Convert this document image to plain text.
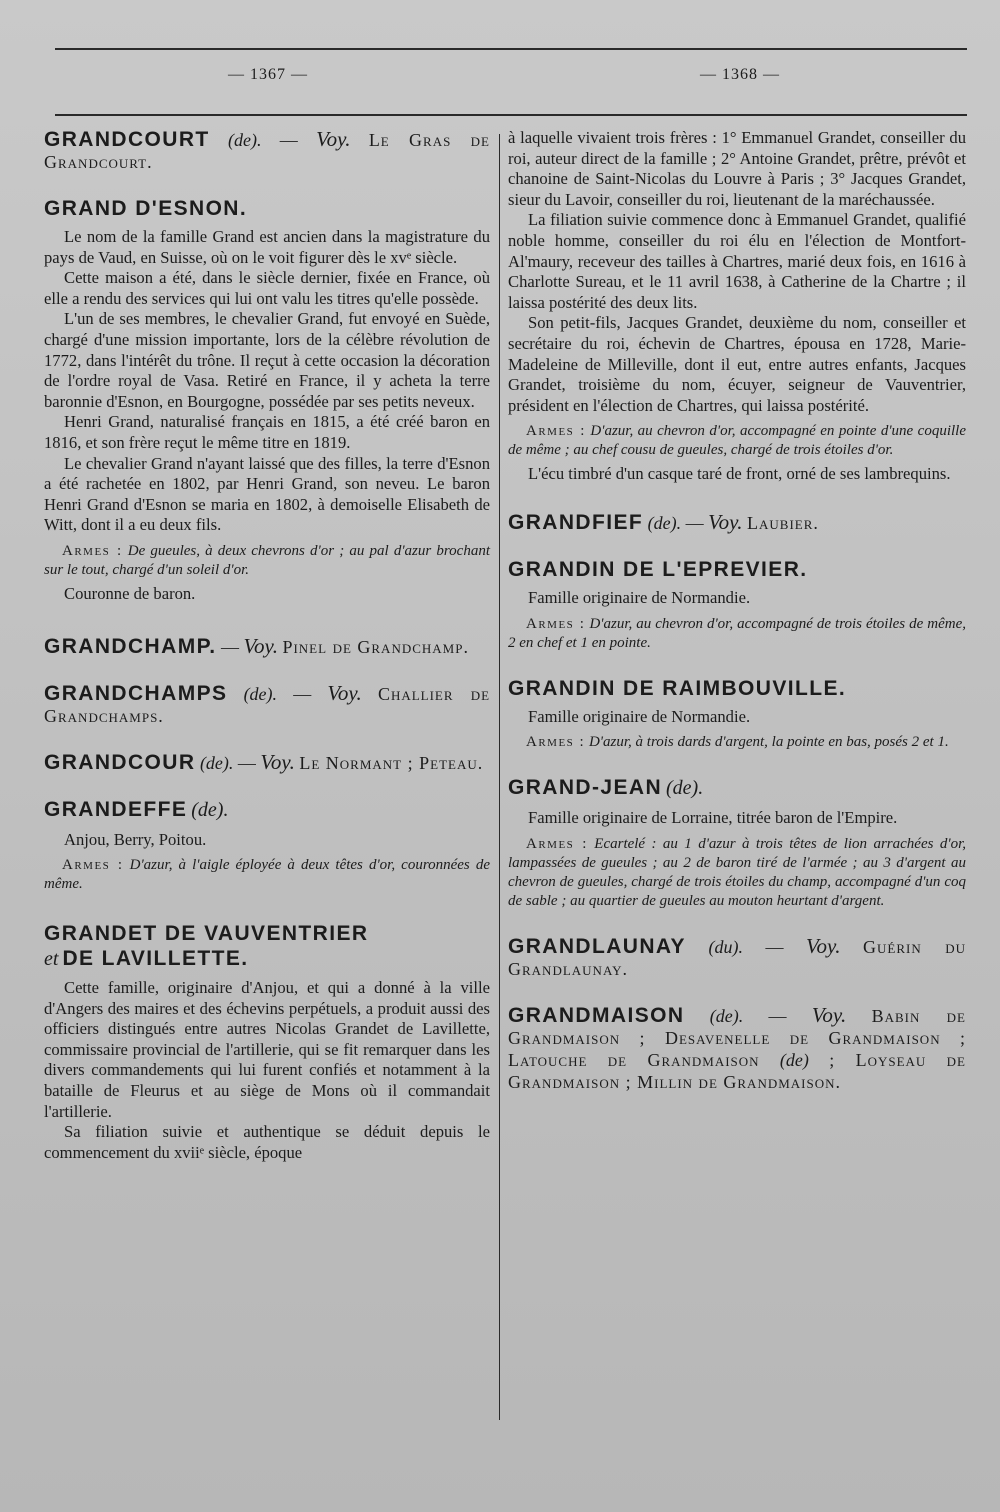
— 1367 —	— 1368 —

GRANDCOURT (de). — Voy. Le Gras de Grandcourt.

GRAND D'ESNON.

Le nom de la famille Grand est ancien dans la magistrature du pays de Vaud, en Suisse, où on le voit figurer dès le xvᵉ siècle.

Cette maison a été, dans le siècle dernier, fixée en France, où elle a rendu des services qui lui ont valu les titres qu'elle possède.

L'un de ses membres, le chevalier Grand, fut envoyé en Suède, chargé d'une mission importante, lors de la célèbre révolution de 1772, dans l'intérêt du trône. Il reçut à cette occasion la décoration de l'ordre royal de Vasa. Retiré en France, il y acheta la terre baronnie d'Esnon, en Bourgogne, possédée par ses petits neveux.

Henri Grand, naturalisé français en 1815, a été créé baron en 1816, et son frère reçut le même titre en 1819.

Le chevalier Grand n'ayant laissé que des filles, la terre d'Esnon a été rachetée en 1802, par Henri Grand, son neveu. Le baron Henri Grand d'Esnon se maria en 1802, à demoiselle Elisabeth de Witt, dont il a eu deux fils.

Armes : De gueules, à deux chevrons d'or ; au pal d'azur brochant sur le tout, chargé d'un soleil d'or.

Couronne de baron.

GRANDCHAMP. — Voy. Pinel de Grandchamp.

GRANDCHAMPS (de). — Voy. Challier de Grandchamps.

GRANDCOUR (de). — Voy. Le Normant ; Peteau.

GRANDEFFE (de).

Anjou, Berry, Poitou.

Armes : D'azur, à l'aigle éployée à deux têtes d'or, couronnées de même.

GRANDET DE VAUVENTRIER
et DE LAVILLETTE.

Cette famille, originaire d'Anjou, et qui a donné à la ville d'Angers des maires et des échevins perpétuels, a produit aussi des officiers distingués entre autres Nicolas Grandet de Lavillette, commissaire provincial de l'artillerie, qui se fit remarquer dans les divers commandements qui lui furent confiés et notamment à la bataille de Fleurus et au siège de Mons où il commandait l'artillerie.

Sa filiation suivie et authentique se déduit depuis le commencement du xviiᵉ siècle, époque

à laquelle vivaient trois frères : 1° Emmanuel Grandet, conseiller du roi, auteur direct de la famille ; 2° Antoine Grandet, prêtre, prévôt et chanoine de Saint-Nicolas du Louvre à Paris ; 3° Jacques Grandet, sieur du Lavoir, conseiller du roi, lieutenant de la maréchaussée.

La filiation suivie commence donc à Emmanuel Grandet, qualifié noble homme, conseiller du roi élu en l'élection de Montfort-Al'maury, receveur des tailles à Chartres, marié deux fois, en 1616 à Charlotte Sureau, et le 11 avril 1638, à Catherine de la Chartre ; il laissa postérité des deux lits.

Son petit-fils, Jacques Grandet, deuxième du nom, conseiller et secrétaire du roi, échevin de Chartres, épousa en 1728, Marie-Madeleine de Milleville, dont il eut, entre autres enfants, Jacques Grandet, troisième du nom, écuyer, seigneur de Vauventrier, président en l'élection de Chartres, qui laissa postérité.

Armes : D'azur, au chevron d'or, accompagné en pointe d'une coquille de même ; au chef cousu de gueules, chargé de trois étoiles d'or.

L'écu timbré d'un casque taré de front, orné de ses lambrequins.

GRANDFIEF (de). — Voy. Laubier.

GRANDIN DE L'EPREVIER.

Famille originaire de Normandie.

Armes : D'azur, au chevron d'or, accompagné de trois étoiles de même, 2 en chef et 1 en pointe.

GRANDIN DE RAIMBOUVILLE.

Famille originaire de Normandie.

Armes : D'azur, à trois dards d'argent, la pointe en bas, posés 2 et 1.

GRAND-JEAN (de).

Famille originaire de Lorraine, titrée baron de l'Empire.

Armes : Ecartelé : au 1 d'azur à trois têtes de lion arrachées d'or, lampassées de gueules ; au 2 de baron tiré de l'armée ; au 3 d'argent au chevron de gueules, chargé de trois étoiles du champ, accompagné d'un coq de sable ; au quartier de gueules au mouton heurtant d'argent.

GRANDLAUNAY (du). — Voy. Guérin du Grandlaunay.

GRANDMAISON (de). — Voy. Babin de Grandmaison ; Desavenelle de Grandmaison ; Latouche de Grandmaison (de) ; Loyseau de Grandmaison ; Millin de Grandmaison.
